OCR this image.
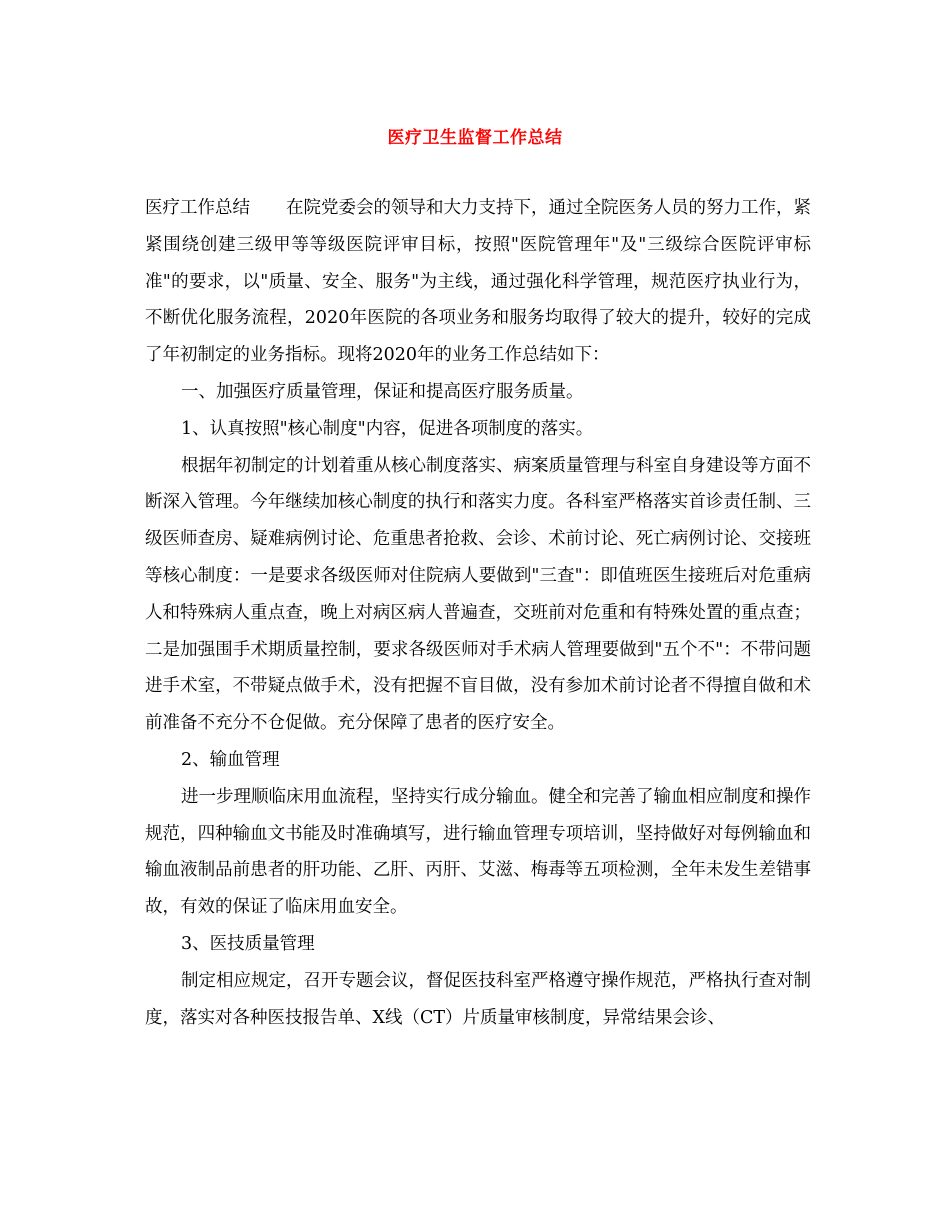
医疗卫生监督工作总结

医疗工作总结 在院党委会的领导和大力支持下，通过全院医务人员的努力工作，紧紧围绕创建三级甲等等级医院评审目标，按照"医院管理年"及"三级综合医院评审标准"的要求，以"质量、安全、服务"为主线，通过强化科学管理，规范医疗执业行为，不断优化服务流程，2020年医院的各项业务和服务均取得了较大的提升，较好的完成了年初制定的业务指标。现将2020年的业务工作总结如下：

一、加强医疗质量管理，保证和提高医疗服务质量。

1、认真按照"核心制度"内容，促进各项制度的落实。

根据年初制定的计划着重从核心制度落实、病案质量管理与科室自身建设等方面不断深入管理。今年继续加核心制度的执行和落实力度。各科室严格落实首诊责任制、三级医师查房、疑难病例讨论、危重患者抢救、会诊、术前讨论、死亡病例讨论、交接班等核心制度：一是要求各级医师对住院病人要做到"三查"：即值班医生接班后对危重病人和特殊病人重点查，晚上对病区病人普遍查，交班前对危重和有特殊处置的重点查；二是加强围手术期质量控制，要求各级医师对手术病人管理要做到"五个不"：不带问题进手术室，不带疑点做手术，没有把握不盲目做，没有参加术前讨论者不得擅自做和术前准备不充分不仓促做。充分保障了患者的医疗安全。

2、输血管理

进一步理顺临床用血流程，坚持实行成分输血。健全和完善了输血相应制度和操作规范，四种输血文书能及时准确填写，进行输血管理专项培训，坚持做好对每例输血和输血液制品前患者的肝功能、乙肝、丙肝、艾滋、梅毒等五项检测，全年未发生差错事故，有效的保证了临床用血安全。

3、医技质量管理

制定相应规定，召开专题会议，督促医技科室严格遵守操作规范，严格执行查对制度，落实对各种医技报告单、X线（CT）片质量审核制度，异常结果会诊、
